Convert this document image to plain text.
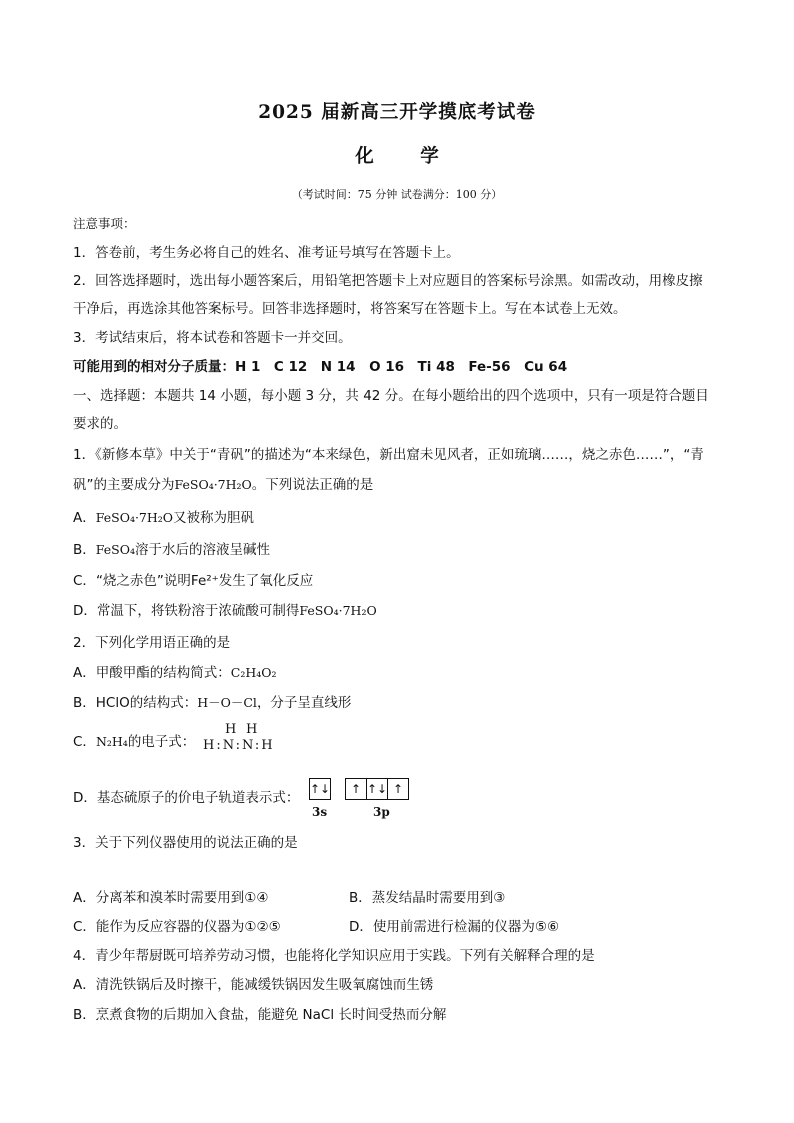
2025 届新高三开学摸底考试卷
化 学
（考试时间：75 分钟 试卷满分：100 分）
注意事项：
1．答卷前，考生务必将自己的姓名、准考证号填写在答题卡上。
2．回答选择题时，选出每小题答案后，用铅笔把答题卡上对应题目的答案标号涂黑。如需改动，用橡皮擦
干净后，再选涂其他答案标号。回答非选择题时，将答案写在答题卡上。写在本试卷上无效。
3．考试结束后，将本试卷和答题卡一并交回。
可能用到的相对分子质量：H 1　C 12　N 14　O 16　Ti 48　Fe-56　Cu 64
一、选择题：本题共 14 小题，每小题 3 分，共 42 分。在每小题给出的四个选项中，只有一项是符合题目
要求的。
1．《新修本草》中关于“青矾”的描述为“本来绿色，新出窟未见风者，正如琉璃……，烧之赤色……”，“青
矾”的主要成分为FeSO₄·7H₂O。下列说法正确的是
A．FeSO₄·7H₂O又被称为胆矾
B．FeSO₄溶于水后的溶液呈碱性
C．“烧之赤色”说明Fe²⁺发生了氧化反应
D．常温下，将铁粉溶于浓硫酸可制得FeSO₄·7H₂O
2．下列化学用语正确的是
A．甲酸甲酯的结构简式：C₂H₄O₂
B．HClO的结构式：H－O－Cl，分子呈直线形
C．N₂H₄的电子式：
H H
H:N:N:H
D．基态硫原子的价电子轨道表示式：
↑↓	↑ ↑↓ ↑
3s	3p
3．关于下列仪器使用的说法正确的是
A．分离苯和溴苯时需要用到①④	B．蒸发结晶时需要用到③
C．能作为反应容器的仪器为①②⑤	D．使用前需进行检漏的仪器为⑤⑥
4．青少年帮厨既可培养劳动习惯，也能将化学知识应用于实践。下列有关解释合理的是
A．清洗铁锅后及时擦干，能减缓铁锅因发生吸氧腐蚀而生锈
B．烹煮食物的后期加入食盐，能避免 NaCl 长时间受热而分解
